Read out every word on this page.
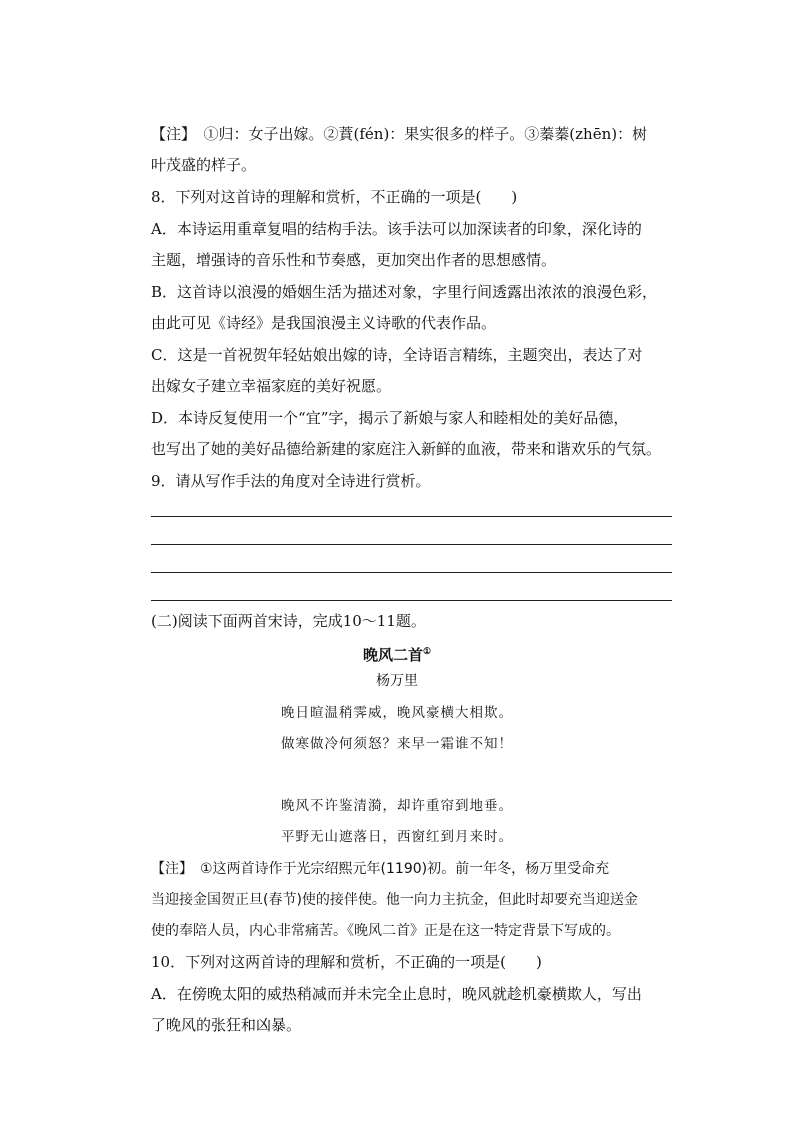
【注】　①归：女子出嫁。②蕡(fén)：果实很多的样子。③蓁蓁(zhēn)：树
叶茂盛的样子。
8．下列对这首诗的理解和赏析，不正确的一项是(　　)
A．本诗运用重章复唱的结构手法。该手法可以加深读者的印象，深化诗的
主题，增强诗的音乐性和节奏感，更加突出作者的思想感情。
B．这首诗以浪漫的婚姻生活为描述对象，字里行间透露出浓浓的浪漫色彩，
由此可见《诗经》是我国浪漫主义诗歌的代表作品。
C．这是一首祝贺年轻姑娘出嫁的诗，全诗语言精练，主题突出，表达了对
出嫁女子建立幸福家庭的美好祝愿。
D．本诗反复使用一个“宜”字，揭示了新娘与家人和睦相处的美好品德，
也写出了她的美好品德给新建的家庭注入新鲜的血液，带来和谐欢乐的气氛。
9．请从写作手法的角度对全诗进行赏析。
(二)阅读下面两首宋诗，完成10～11题。
晚风二首①
杨万里
晚日暄温稍霁威，晚风豪横大相欺。
做寒做冷何须怒？来早一霜谁不知！
晚风不许鉴清漪，却许重帘到地垂。
平野无山遮落日，西窗红到月来时。
【注】　①这两首诗作于光宗绍熙元年(1190)初。前一年冬，杨万里受命充
当迎接金国贺正旦(春节)使的接伴使。他一向力主抗金，但此时却要充当迎送金
使的奉陪人员，内心非常痛苦。《晚风二首》正是在这一特定背景下写成的。
10．下列对这两首诗的理解和赏析，不正确的一项是(　　)
A．在傍晚太阳的威热稍减而并未完全止息时，晚风就趁机豪横欺人，写出
了晚风的张狂和凶暴。
